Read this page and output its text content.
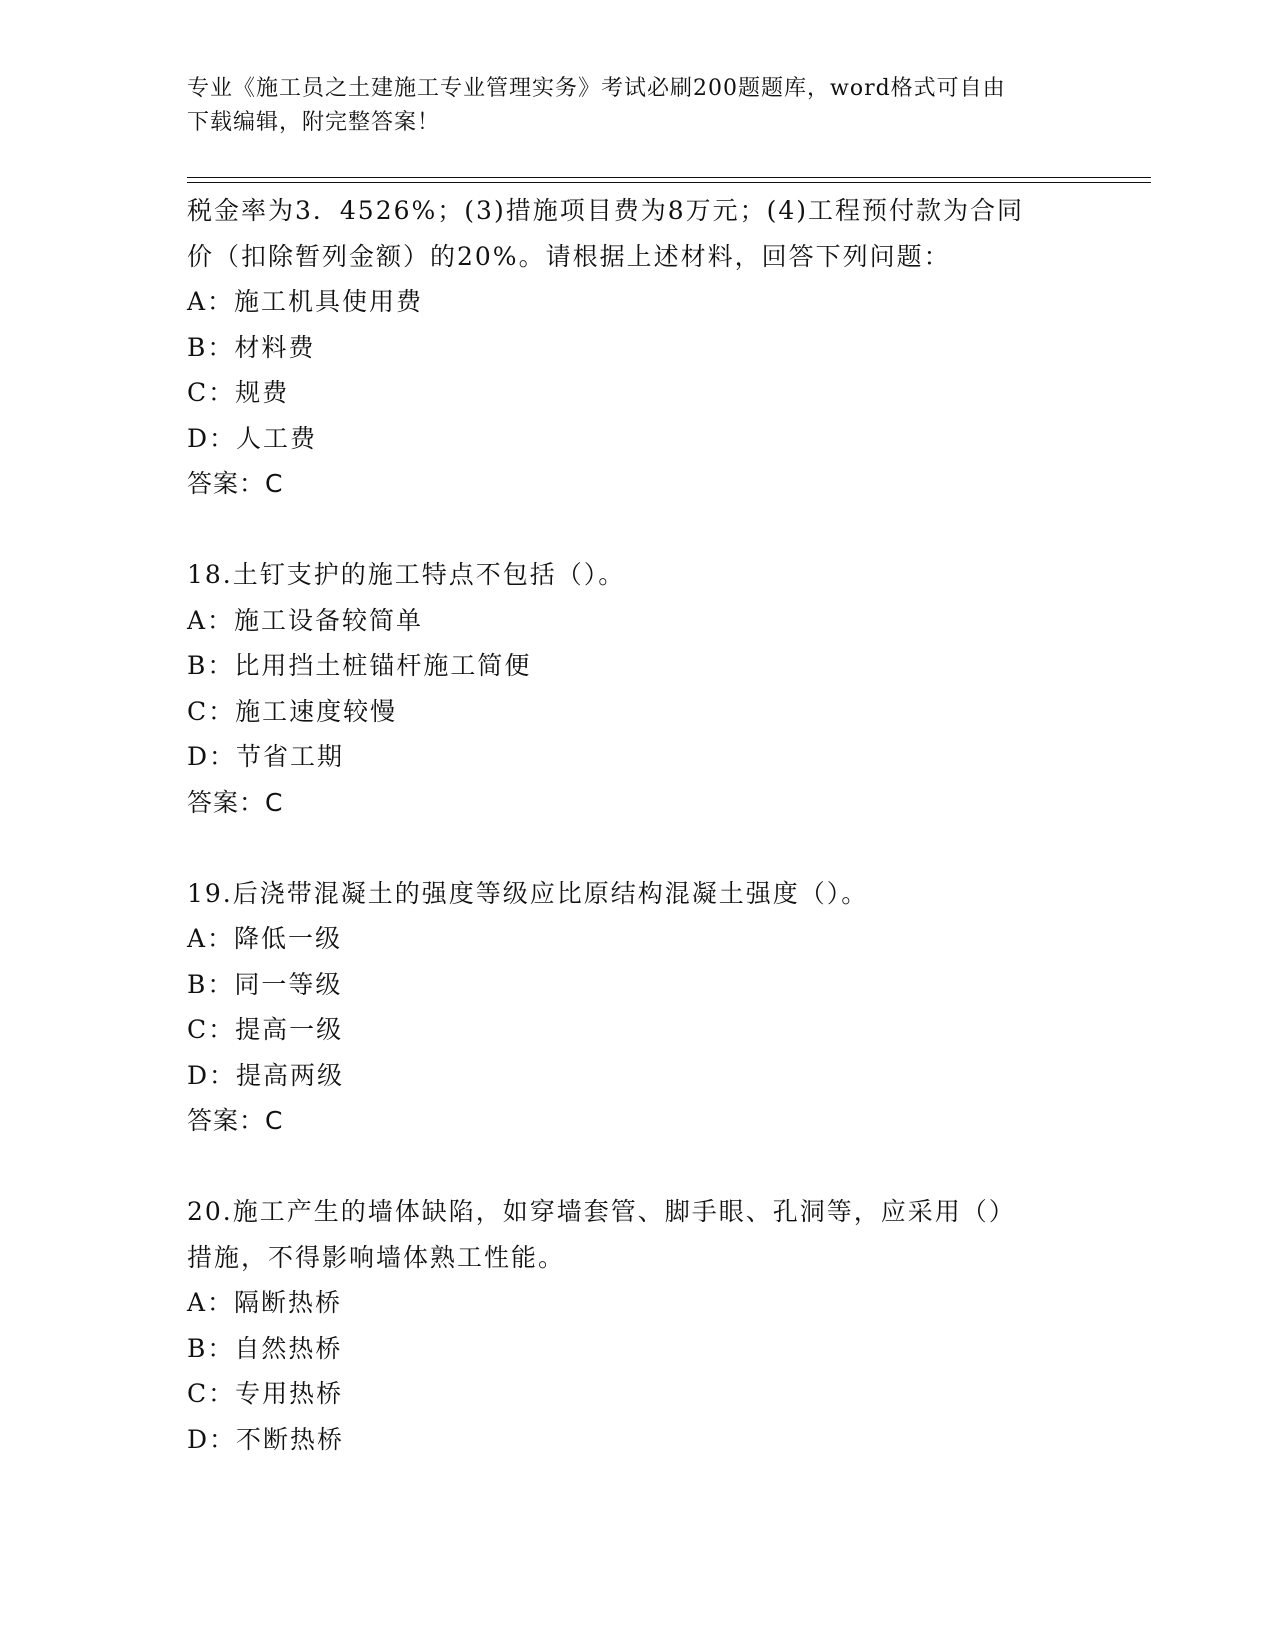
专业《施工员之土建施工专业管理实务》考试必刷200题题库，word格式可自由
下载编辑，附完整答案！
税金率为3．4526%；(3)措施项目费为8万元；(4)工程预付款为合同
价（扣除暂列金额）的20%。请根据上述材料，回答下列问题：
A：施工机具使用费
B：材料费
C：规费
D：人工费
答案：C
18.土钉支护的施工特点不包括（）。
A：施工设备较简单
B：比用挡土桩锚杆施工简便
C：施工速度较慢
D：节省工期
答案：C
19.后浇带混凝土的强度等级应比原结构混凝土强度（）。
A：降低一级
B：同一等级
C：提高一级
D：提高两级
答案：C
20.施工产生的墙体缺陷，如穿墙套管、脚手眼、孔洞等，应采用（）
措施，不得影响墙体熟工性能。
A：隔断热桥
B：自然热桥
C：专用热桥
D：不断热桥
